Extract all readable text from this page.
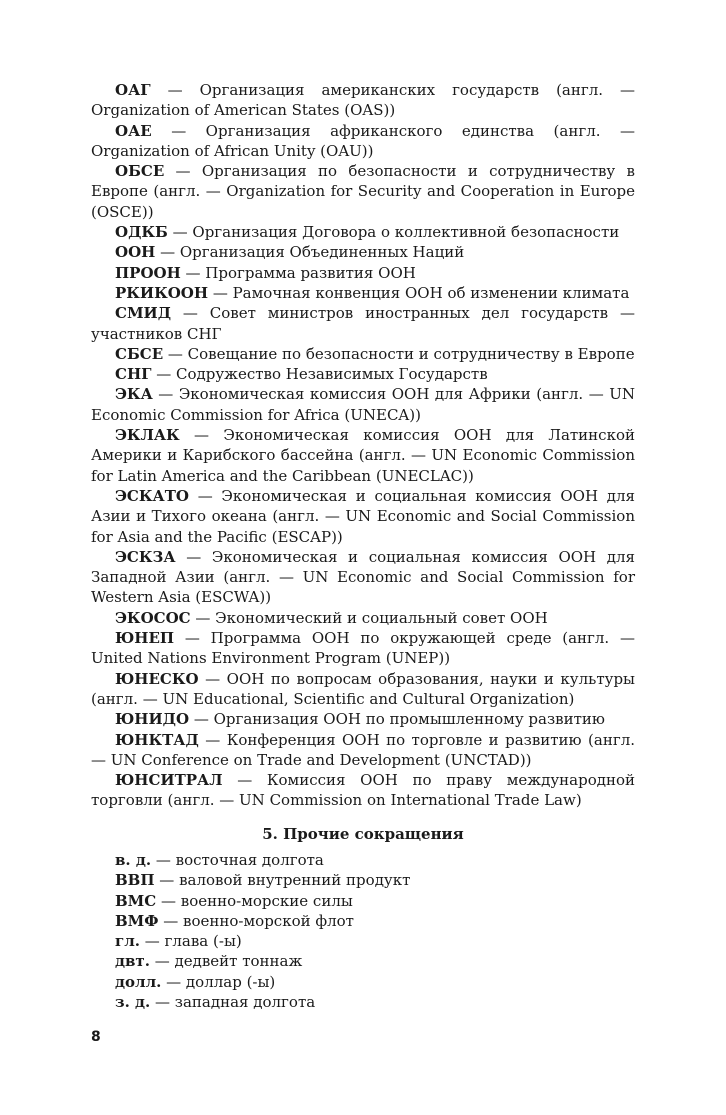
ОАГ — Организация американских государств (англ. — Organization of American States (OAS))
ОАЕ — Организация африканского единства (англ. — Organization of African Unity (OAU))
ОБСЕ — Организация по безопасности и сотрудничеству в Европе (англ. — Organization for Security and Cooperation in Europe (OSCE))
ОДКБ — Организация Договора о коллективной безопасности
ООН — Организация Объединенных Наций
ПРООН — Программа развития ООН
РКИКООН — Рамочная конвенция ООН об изменении климата
СМИД — Совет министров иностранных дел государств — участников СНГ
СБСЕ — Совещание по безопасности и сотрудничеству в Европе
СНГ — Содружество Независимых Государств
ЭКА — Экономическая комиссия ООН для Африки (англ. — UN Economic Commission for Africa (UNECA))
ЭКЛАК — Экономическая комиссия ООН для Латинской Америки и Карибского бассейна (англ. — UN Economic Commission for Latin America and the Caribbean (UNECLAC))
ЭСКАТО — Экономическая и социальная комиссия ООН для Азии и Тихого океана (англ. — UN Economic and Social Commission for Asia and the Pacific (ESCAP))
ЭСКЗА — Экономическая и социальная комиссия ООН для Западной Азии (англ. — UN Economic and Social Commission for Western Asia (ESCWA))
ЭКОСОС — Экономический и социальный совет ООН
ЮНЕП — Программа ООН по окружающей среде (англ. — United Nations Environment Program (UNEP))
ЮНЕСКО — ООН по вопросам образования, науки и культуры (англ. — UN Educational, Scientific and Cultural Organization)
ЮНИДО — Организация ООН по промышленному развитию
ЮНКТАД — Конференция ООН по торговле и развитию (англ. — UN Conference on Trade and Development (UNCTAD))
ЮНСИТРАЛ — Комиссия ООН по праву международной торговли (англ. — UN Commission on International Trade Law)
5. Прочие сокращения
в. д. — восточная долгота
ВВП — валовой внутренний продукт
ВМС — военно-морские силы
ВМФ — военно-морской флот
гл. — глава (-ы)
двт. — дедвейт тоннаж
долл. — доллар (-ы)
з. д. — западная долгота
8
